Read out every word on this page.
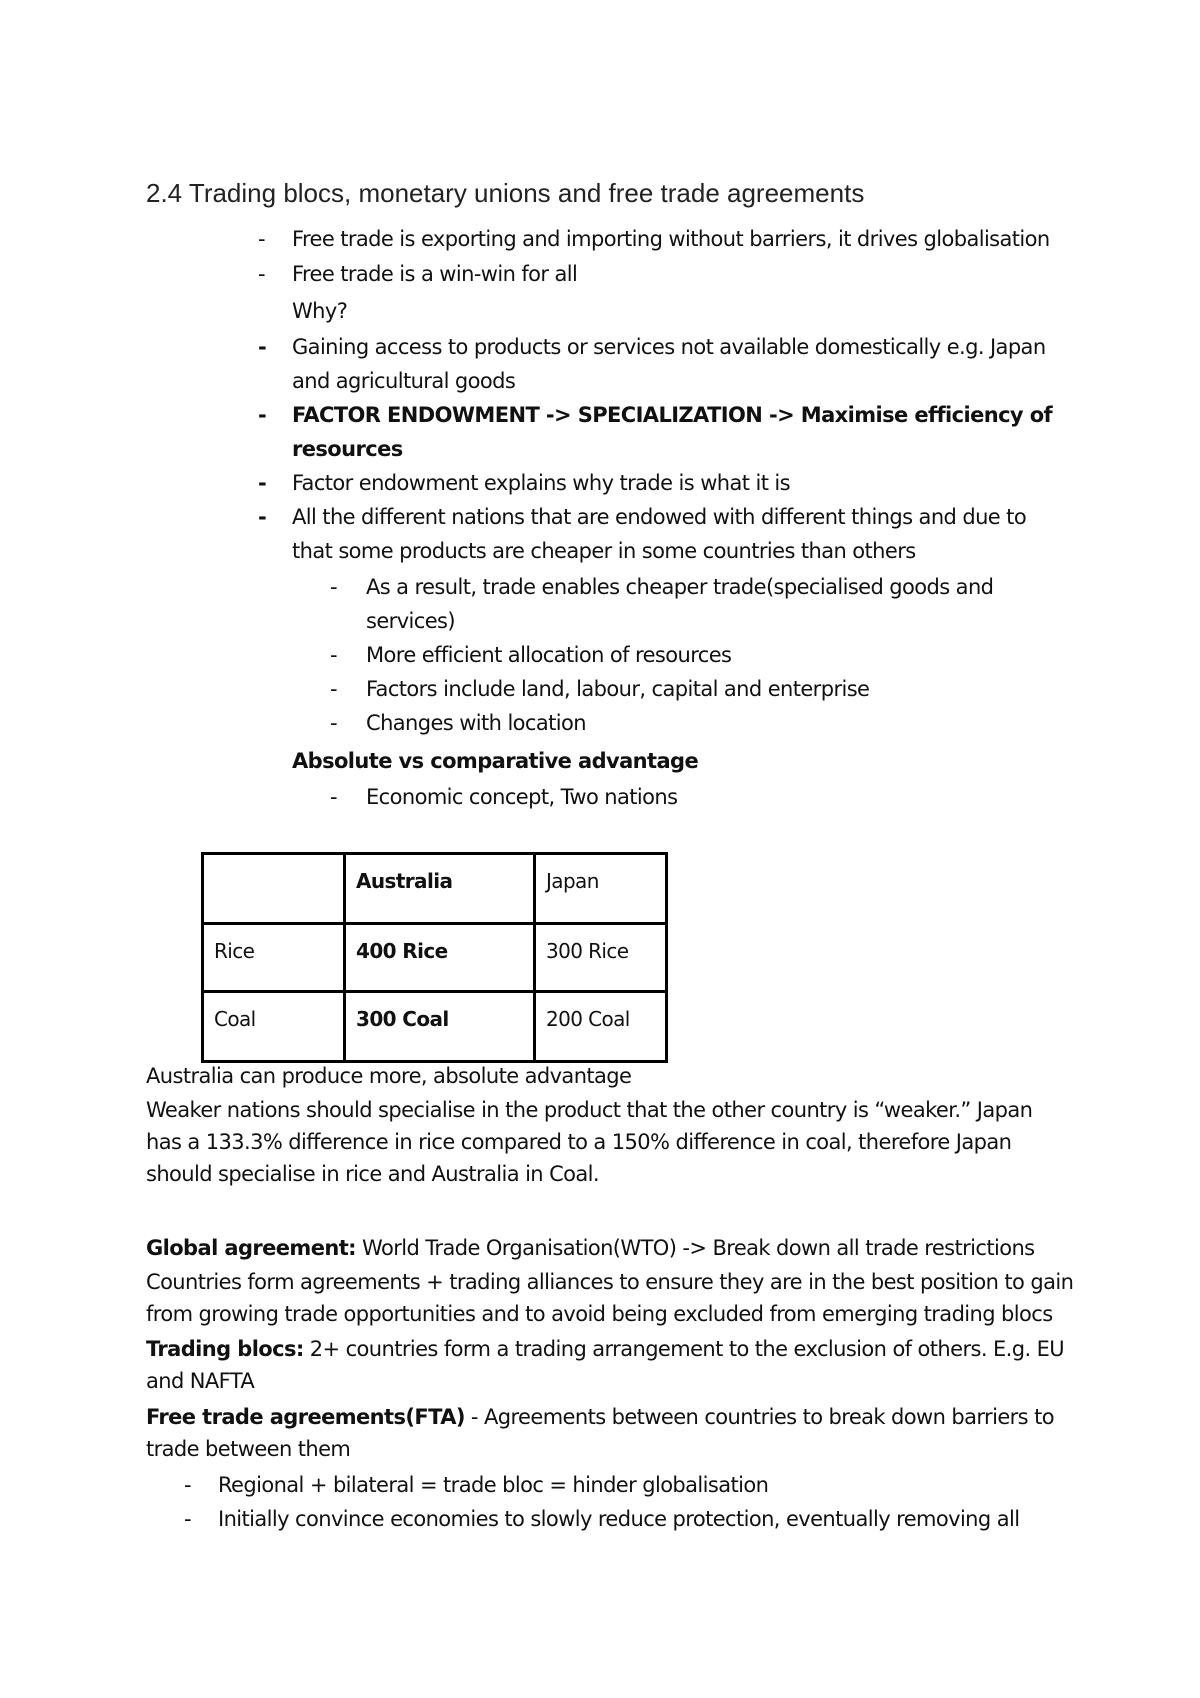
2.4 Trading blocs, monetary unions and free trade agreements
- Free trade is exporting and importing without barriers, it drives globalisation
- Free trade is a win-win for all
Why?
- Gaining access to products or services not available domestically e.g. Japan
and agricultural goods
- FACTOR ENDOWMENT -> SPECIALIZATION -> Maximise efficiency of
resources
- Factor endowment explains why trade is what it is
- All the different nations that are endowed with different things and due to
that some products are cheaper in some countries than others
- As a result, trade enables cheaper trade(specialised goods and
services)
- More efficient allocation of resources
- Factors include land, labour, capital and enterprise
- Changes with location
Absolute vs comparative advantage
- Economic concept, Two nations
	Australia	Japan
Rice	400 Rice	300 Rice
Coal	300 Coal	200 Coal
Australia can produce more, absolute advantage
Weaker nations should specialise in the product that the other country is “weaker.” Japan
has a 133.3% difference in rice compared to a 150% difference in coal, therefore Japan
should specialise in rice and Australia in Coal.
Global agreement: World Trade Organisation(WTO) -> Break down all trade restrictions
Countries form agreements + trading alliances to ensure they are in the best position to gain
from growing trade opportunities and to avoid being excluded from emerging trading blocs
Trading blocs: 2+ countries form a trading arrangement to the exclusion of others. E.g. EU
and NAFTA
Free trade agreements(FTA) - Agreements between countries to break down barriers to
trade between them
- Regional + bilateral = trade bloc = hinder globalisation
- Initially convince economies to slowly reduce protection, eventually removing all
